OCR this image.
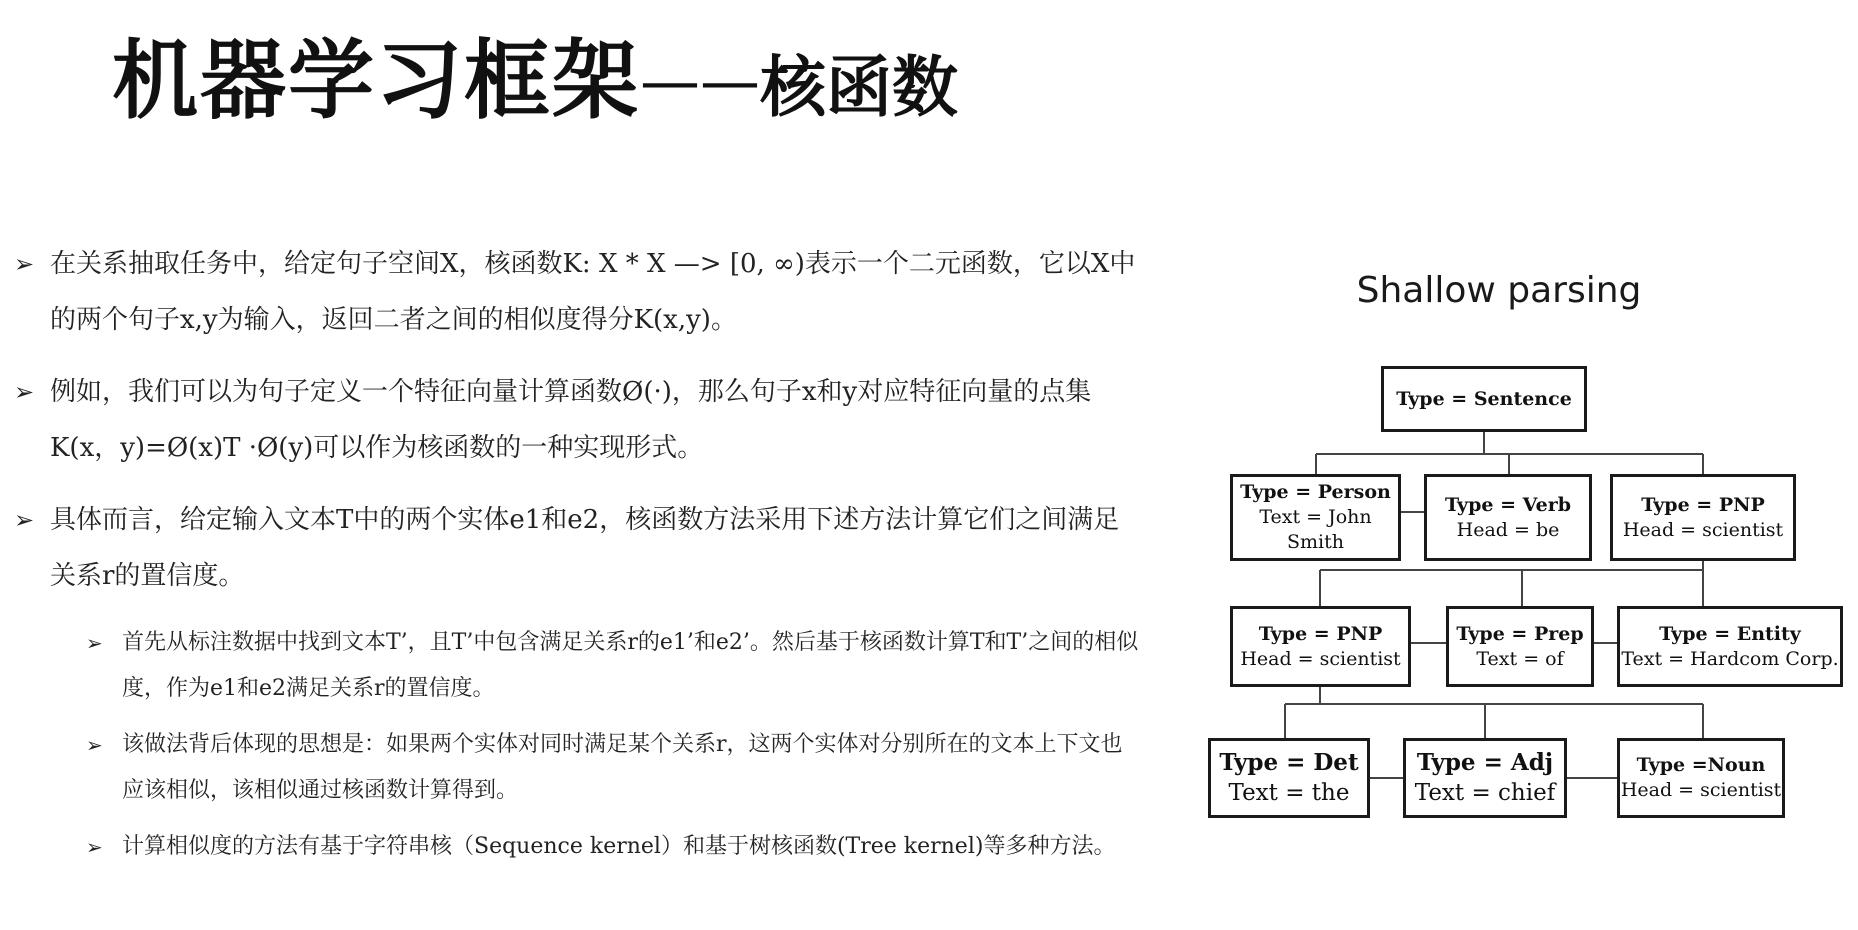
机器学习框架——核函数
➢ 在关系抽取任务中，给定句子空间X，核函数K: X * X —> [0, ∞)表示一个二元函数，它以X中的两个句子x,y为输入，返回二者之间的相似度得分K(x,y)。
➢ 例如，我们可以为句子定义一个特征向量计算函数Ø(·)，那么句子x和y对应特征向量的点集K(x，y)=Ø(x)T ·Ø(y)可以作为核函数的一种实现形式。
➢ 具体而言，给定输入文本T中的两个实体e1和e2，核函数方法采用下述方法计算它们之间满足关系r的置信度。
➢ 首先从标注数据中找到文本T’，且T’中包含满足关系r的e1’和e2’。然后基于核函数计算T和T’之间的相似度，作为e1和e2满足关系r的置信度。
➢ 该做法背后体现的思想是：如果两个实体对同时满足某个关系r，这两个实体对分别所在的文本上下文也应该相似，该相似通过核函数计算得到。
➢ 计算相似度的方法有基于字符串核（Sequence kernel）和基于树核函数(Tree kernel)等多种方法。
Shallow parsing
Type = Sentence
Type = Person
Text = John Smith
Type = Verb
Head = be
Type = PNP
Head = scientist
Type = PNP
Head = scientist
Type = Prep
Text = of
Type = Entity
Text = Hardcom Corp.
Type = Det
Text = the
Type = Adj
Text = chief
Type =Noun
Head = scientist
